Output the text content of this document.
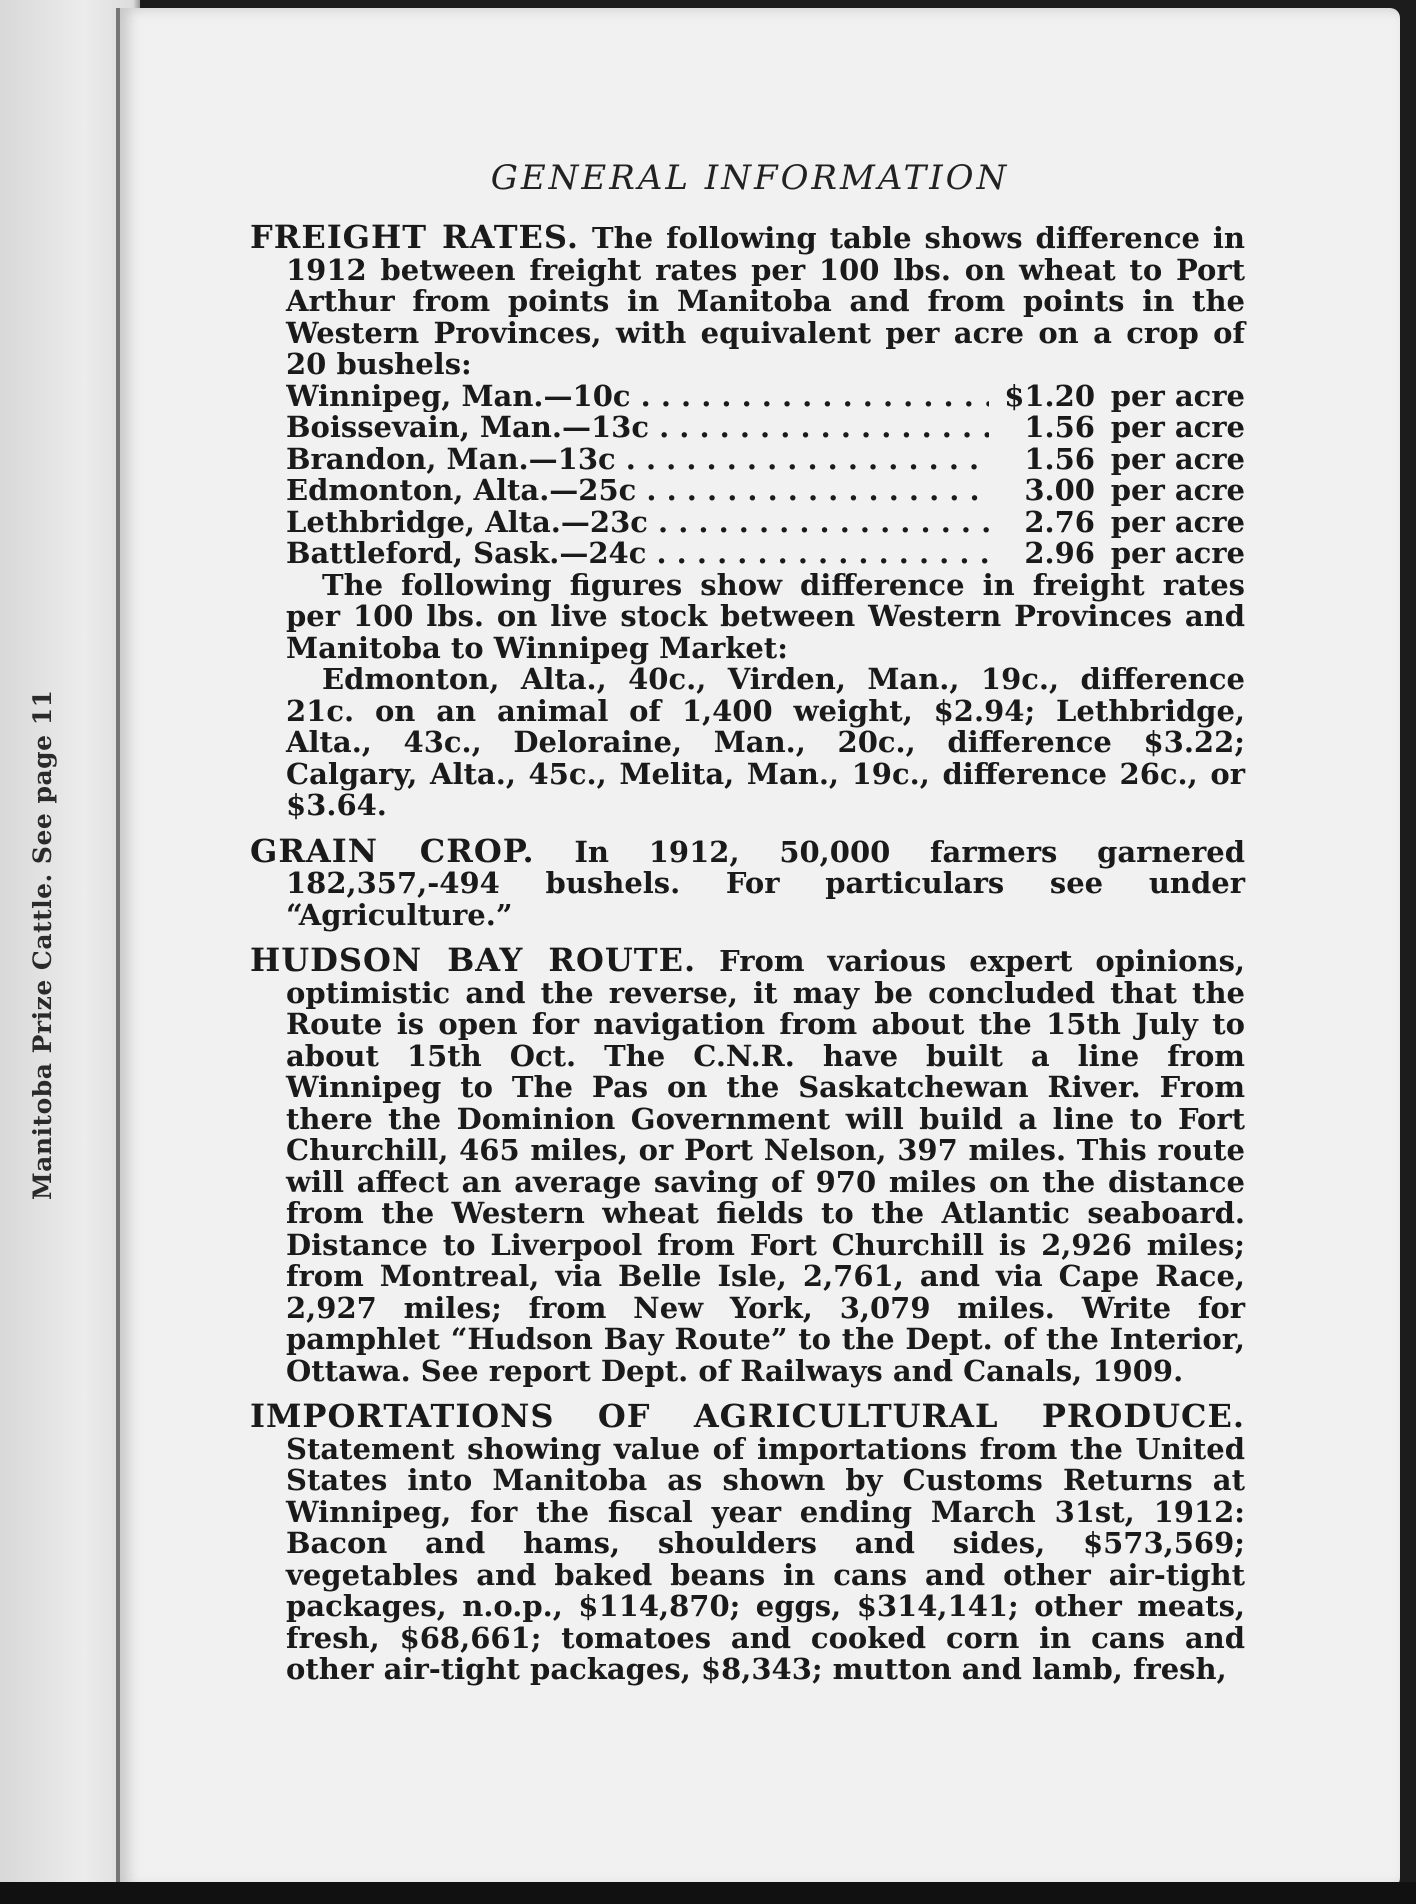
Manitoba Prize Cattle. See page 11
GENERAL INFORMATION

FREIGHT RATES. The following table shows difference in 1912 between freight rates per 100 lbs. on wheat to Port Arthur from points in Manitoba and from points in the Western Provinces, with equivalent per acre on a crop of 20 bushels:

Winnipeg, Man.—10c . . .	$1.20 per acre
Boissevain, Man.—13c . . .	1.56 per acre
Brandon, Man.—13c . . .	1.56 per acre
Edmonton, Alta.—25c . . .	3.00 per acre
Lethbridge, Alta.—23c . . .	2.76 per acre
Battleford, Sask.—24c . . .	2.96 per acre

The following figures show difference in freight rates per 100 lbs. on live stock between Western Provinces and Manitoba to Winnipeg Market:

Edmonton, Alta., 40c., Virden, Man., 19c., difference 21c. on an animal of 1,400 weight, $2.94; Lethbridge, Alta., 43c., Deloraine, Man., 20c., difference $3.22; Calgary, Alta., 45c., Melita, Man., 19c., difference 26c., or $3.64.

GRAIN CROP. In 1912, 50,000 farmers garnered 182,357,-494 bushels. For particulars see under “Agriculture.”

HUDSON BAY ROUTE. From various expert opinions, optimistic and the reverse, it may be concluded that the Route is open for navigation from about the 15th July to about 15th Oct. The C.N.R. have built a line from Winnipeg to The Pas on the Saskatchewan River. From there the Dominion Government will build a line to Fort Churchill, 465 miles, or Port Nelson, 397 miles. This route will affect an average saving of 970 miles on the distance from the Western wheat fields to the Atlantic seaboard. Distance to Liverpool from Fort Churchill is 2,926 miles; from Montreal, via Belle Isle, 2,761, and via Cape Race, 2,927 miles; from New York, 3,079 miles. Write for pamphlet “Hudson Bay Route” to the Dept. of the Interior, Ottawa. See report Dept. of Railways and Canals, 1909.

IMPORTATIONS OF AGRICULTURAL PRODUCE. Statement showing value of importations from the United States into Manitoba as shown by Customs Returns at Winnipeg, for the fiscal year ending March 31st, 1912: Bacon and hams, shoulders and sides, $573,569; vegetables and baked beans in cans and other air-tight packages, n.o.p., $114,870; eggs, $314,141; other meats, fresh, $68,661; tomatoes and cooked corn in cans and other air-tight packages, $8,343; mutton and lamb, fresh,
